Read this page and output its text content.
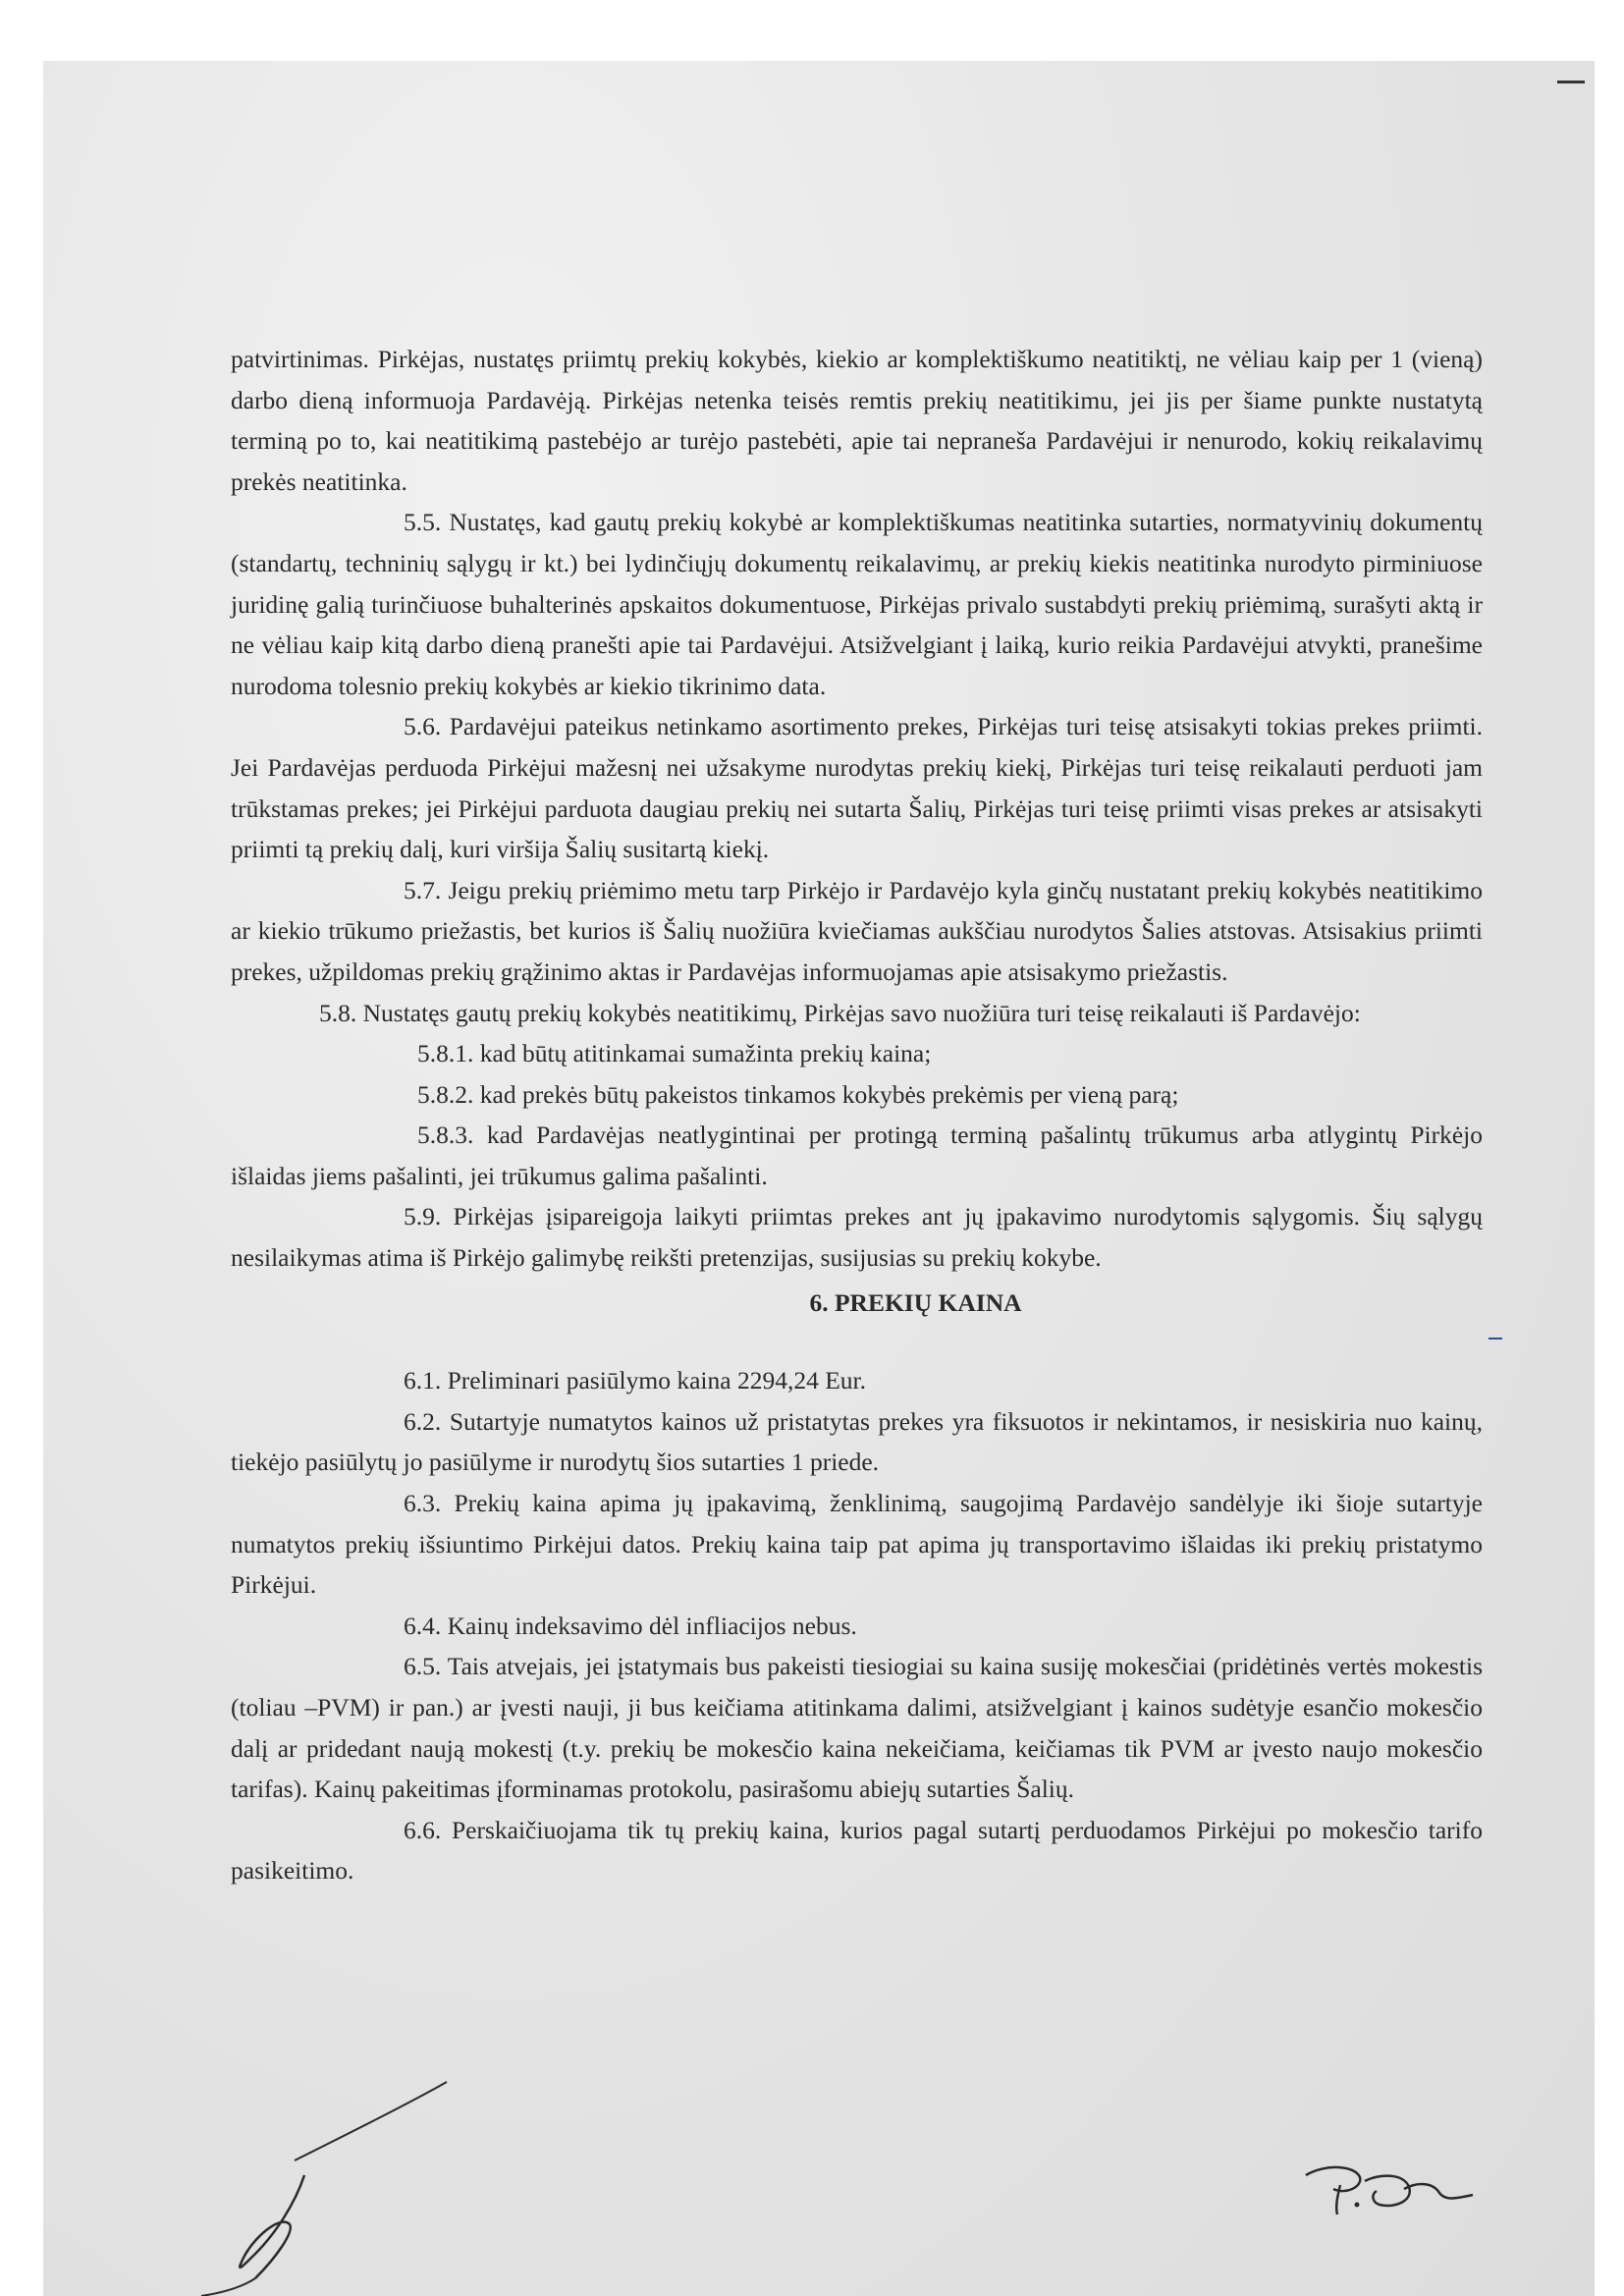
patvirtinimas. Pirkėjas, nustatęs priimtų prekių kokybės, kiekio ar komplektiškumo neatitiktį, ne vėliau kaip per 1 (vieną) darbo dieną informuoja Pardavėją. Pirkėjas netenka teisės remtis prekių neatitikimu, jei jis per šiame punkte nustatytą terminą po to, kai neatitikimą pastebėjo ar turėjo pastebėti, apie tai nepraneša Pardavėjui ir nenurodo, kokių reikalavimų prekės neatitinka.

5.5. Nustatęs, kad gautų prekių kokybė ar komplektiškumas neatitinka sutarties, normatyvinių dokumentų (standartų, techninių sąlygų ir kt.) bei lydinčiųjų dokumentų reikalavimų, ar prekių kiekis neatitinka nurodyto pirminiuose juridinę galią turinčiuose buhalterinės apskaitos dokumentuose, Pirkėjas privalo sustabdyti prekių priėmimą, surašyti aktą ir ne vėliau kaip kitą darbo dieną pranešti apie tai Pardavėjui. Atsižvelgiant į laiką, kurio reikia Pardavėjui atvykti, pranešime nurodoma tolesnio prekių kokybės ar kiekio tikrinimo data.

5.6. Pardavėjui pateikus netinkamo asortimento prekes, Pirkėjas turi teisę atsisakyti tokias prekes priimti. Jei Pardavėjas perduoda Pirkėjui mažesnį nei užsakyme nurodytas prekių kiekį, Pirkėjas turi teisę reikalauti perduoti jam trūkstamas prekes; jei Pirkėjui parduota daugiau prekių nei sutarta Šalių, Pirkėjas turi teisę priimti visas prekes ar atsisakyti priimti tą prekių dalį, kuri viršija Šalių susitartą kiekį.

5.7. Jeigu prekių priėmimo metu tarp Pirkėjo ir Pardavėjo kyla ginčų nustatant prekių kokybės neatitikimo ar kiekio trūkumo priežastis, bet kurios iš Šalių nuožiūra kviečiamas aukščiau nurodytos Šalies atstovas. Atsisakius priimti prekes, užpildomas prekių grąžinimo aktas ir Pardavėjas informuojamas apie atsisakymo priežastis.

5.8. Nustatęs gautų prekių kokybės neatitikimų, Pirkėjas savo nuožiūra turi teisę reikalauti iš Pardavėjo:

5.8.1. kad būtų atitinkamai sumažinta prekių kaina;

5.8.2. kad prekės būtų pakeistos tinkamos kokybės prekėmis per vieną parą;

5.8.3. kad Pardavėjas neatlygintinai per protingą terminą pašalintų trūkumus arba atlygintų Pirkėjo išlaidas jiems pašalinti, jei trūkumus galima pašalinti.

5.9. Pirkėjas įsipareigoja laikyti priimtas prekes ant jų įpakavimo nurodytomis sąlygomis. Šių sąlygų nesilaikymas atima iš Pirkėjo galimybę reikšti pretenzijas, susijusias su prekių kokybe.

6. PREKIŲ KAINA

6.1. Preliminari pasiūlymo kaina 2294,24 Eur.

6.2. Sutartyje numatytos kainos už pristatytas prekes yra fiksuotos ir nekintamos, ir nesiskiria nuo kainų, tiekėjo pasiūlytų jo pasiūlyme ir nurodytų šios sutarties 1 priede.

6.3. Prekių kaina apima jų įpakavimą, ženklinimą, saugojimą Pardavėjo sandėlyje iki šioje sutartyje numatytos prekių išsiuntimo Pirkėjui datos. Prekių kaina taip pat apima jų transportavimo išlaidas iki prekių pristatymo Pirkėjui.

6.4. Kainų indeksavimo dėl infliacijos nebus.

6.5. Tais atvejais, jei įstatymais bus pakeisti tiesiogiai su kaina susiję mokesčiai (pridėtinės vertės mokestis (toliau –PVM) ir pan.) ar įvesti nauji, ji bus keičiama atitinkama dalimi, atsižvelgiant į kainos sudėtyje esančio mokesčio dalį ar pridedant naują mokestį (t.y. prekių be mokesčio kaina nekeičiama, keičiamas tik PVM ar įvesto naujo mokesčio tarifas). Kainų pakeitimas įforminamas protokolu, pasirašomu abiejų sutarties Šalių.

6.6. Perskaičiuojama tik tų prekių kaina, kurios pagal sutartį perduodamos Pirkėjui po mokesčio tarifo pasikeitimo.
